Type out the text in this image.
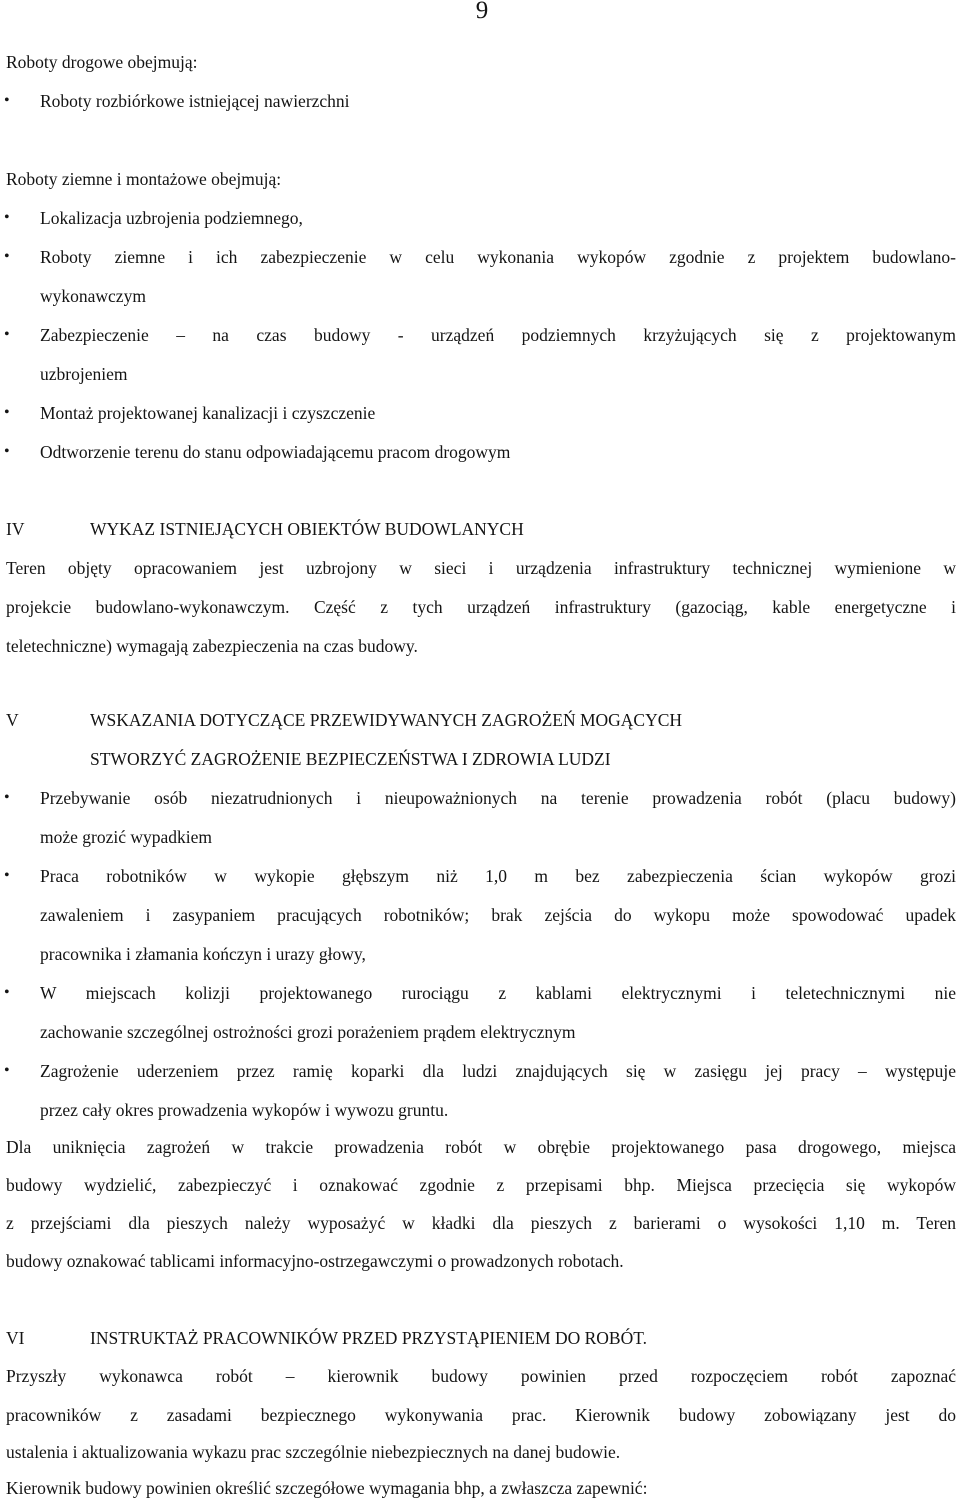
9
Roboty drogowe obejmują:
•	Roboty rozbiórkowe istniejącej nawierzchni
Roboty ziemne i montażowe obejmują:
•	Lokalizacja uzbrojenia podziemnego,
•	Roboty ziemne i ich zabezpieczenie w celu wykonania wykopów zgodnie z projektem budowlano-
wykonawczym
•	Zabezpieczenie – na czas budowy - urządzeń podziemnych krzyżujących się z projektowanym
uzbrojeniem
•	Montaż projektowanej kanalizacji i czyszczenie
•	Odtworzenie terenu do stanu odpowiadającemu pracom drogowym
IV	WYKAZ ISTNIEJĄCYCH OBIEKTÓW BUDOWLANYCH
Teren objęty opracowaniem jest uzbrojony w sieci i urządzenia infrastruktury technicznej wymienione w
projekcie budowlano-wykonawczym. Część z tych urządzeń infrastruktury (gazociąg, kable energetyczne i
teletechniczne) wymagają zabezpieczenia na czas budowy.
V	WSKAZANIA DOTYCZĄCE PRZEWIDYWANYCH ZAGROŻEŃ MOGĄCYCH
STWORZYĆ ZAGROŻENIE BEZPIECZEŃSTWA I ZDROWIA LUDZI
•	Przebywanie osób niezatrudnionych i nieupoważnionych na terenie prowadzenia robót (placu budowy)
może grozić wypadkiem
•	Praca robotników w wykopie głębszym niż 1,0 m bez zabezpieczenia ścian wykopów grozi
zawaleniem i zasypaniem pracujących robotników; brak zejścia do wykopu może spowodować upadek
pracownika i złamania kończyn i urazy głowy,
•	W miejscach kolizji projektowanego rurociągu z kablami elektrycznymi i teletechnicznymi nie
zachowanie szczególnej ostrożności grozi porażeniem prądem elektrycznym
•	Zagrożenie uderzeniem przez ramię koparki dla ludzi znajdujących się w zasięgu jej pracy – występuje
przez cały okres prowadzenia wykopów i wywozu gruntu.
Dla uniknięcia zagrożeń w trakcie prowadzenia robót w obrębie projektowanego pasa drogowego, miejsca
budowy wydzielić, zabezpieczyć i oznakować zgodnie z przepisami bhp. Miejsca przecięcia się wykopów
z przejściami dla pieszych należy wyposażyć w kładki dla pieszych z barierami o wysokości 1,10 m. Teren
budowy oznakować tablicami informacyjno-ostrzegawczymi o prowadzonych robotach.
VI	INSTRUKTAŻ PRACOWNIKÓW PRZED PRZYSTĄPIENIEM DO ROBÓT.
Przyszły wykonawca robót – kierownik budowy powinien przed rozpoczęciem robót zapoznać
pracowników z zasadami bezpiecznego wykonywania prac. Kierownik budowy zobowiązany jest do
ustalenia i aktualizowania wykazu prac szczególnie niebezpiecznych na danej budowie.
Kierownik budowy powinien określić szczegółowe wymagania bhp, a zwłaszcza zapewnić:
